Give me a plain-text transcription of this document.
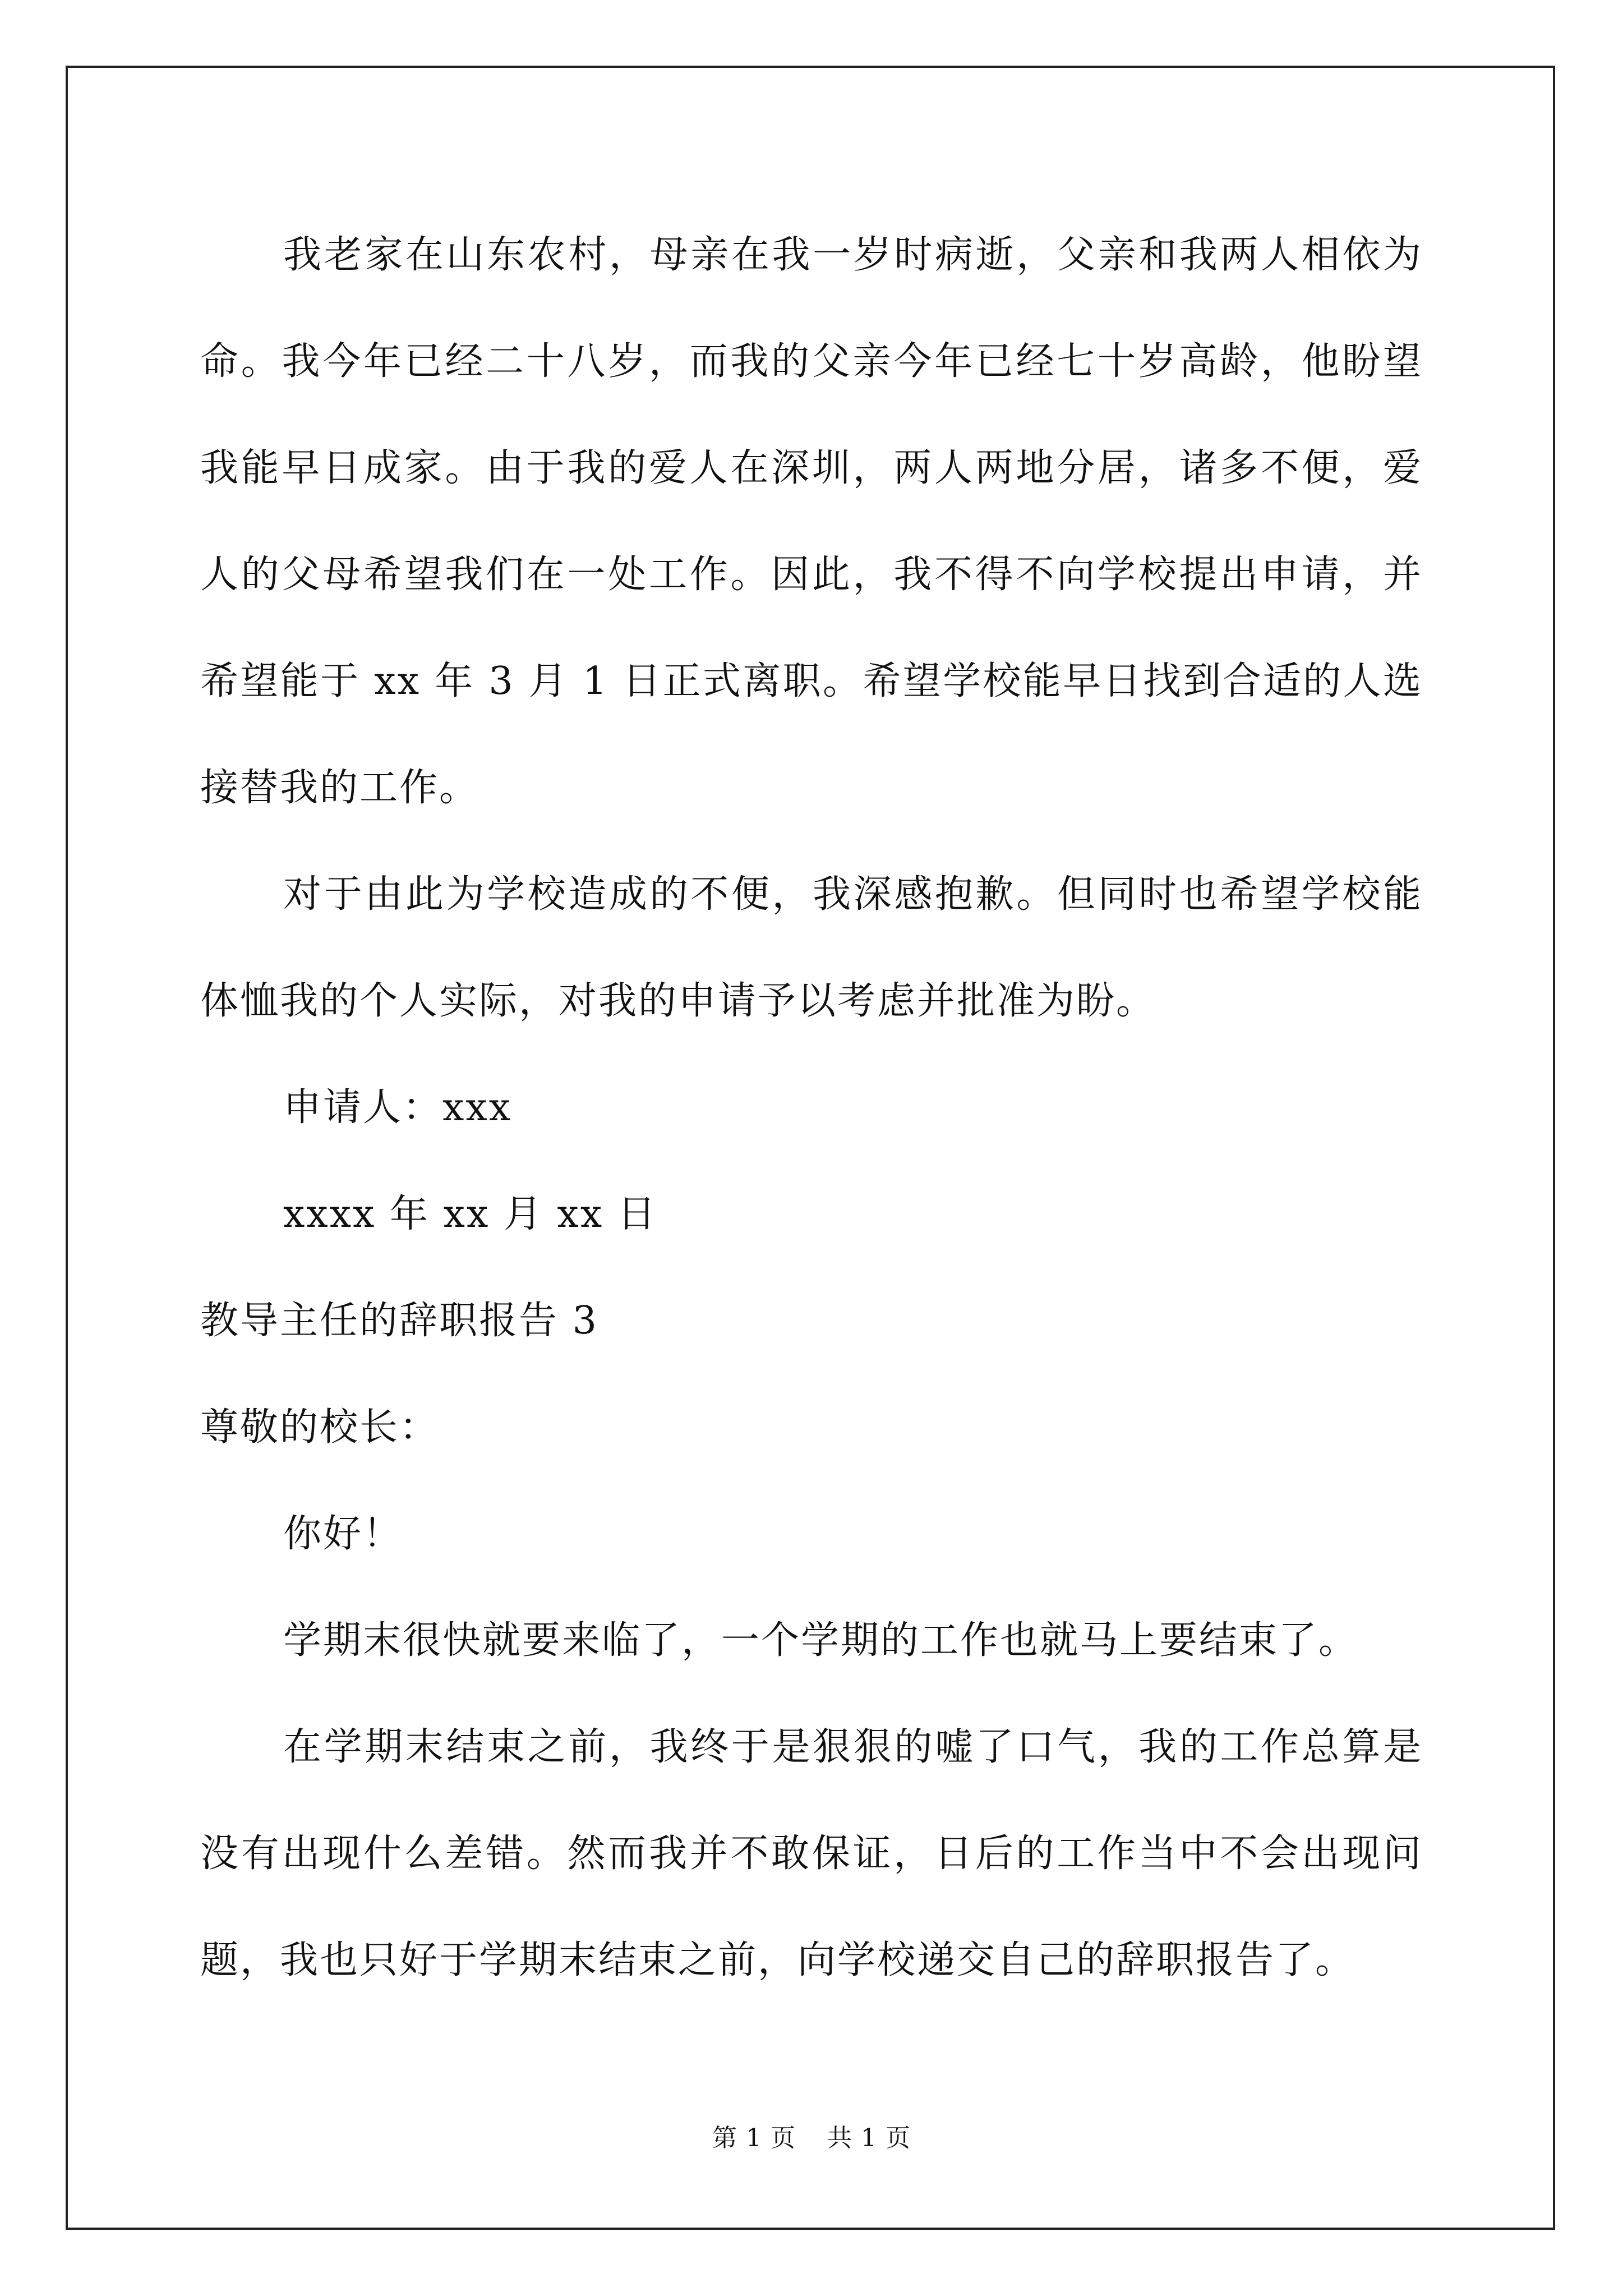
我老家在山东农村，母亲在我一岁时病逝，父亲和我两人相依为命。我今年已经二十八岁，而我的父亲今年已经七十岁高龄，他盼望我能早日成家。由于我的爱人在深圳，两人两地分居，诸多不便，爱人的父母希望我们在一处工作。因此，我不得不向学校提出申请，并希望能于 xx 年 3 月 1 日正式离职。希望学校能早日找到合适的人选接替我的工作。

对于由此为学校造成的不便，我深感抱歉。但同时也希望学校能体恤我的个人实际，对我的申请予以考虑并批准为盼。

申请人：xxx

xxxx 年 xx 月 xx 日

教导主任的辞职报告 3

尊敬的校长：

你好！

学期末很快就要来临了，一个学期的工作也就马上要结束了。

在学期末结束之前，我终于是狠狠的嘘了口气，我的工作总算是没有出现什么差错。然而我并不敢保证，日后的工作当中不会出现问题，我也只好于学期末结束之前，向学校递交自己的辞职报告了。

第 1 页 共 1 页
